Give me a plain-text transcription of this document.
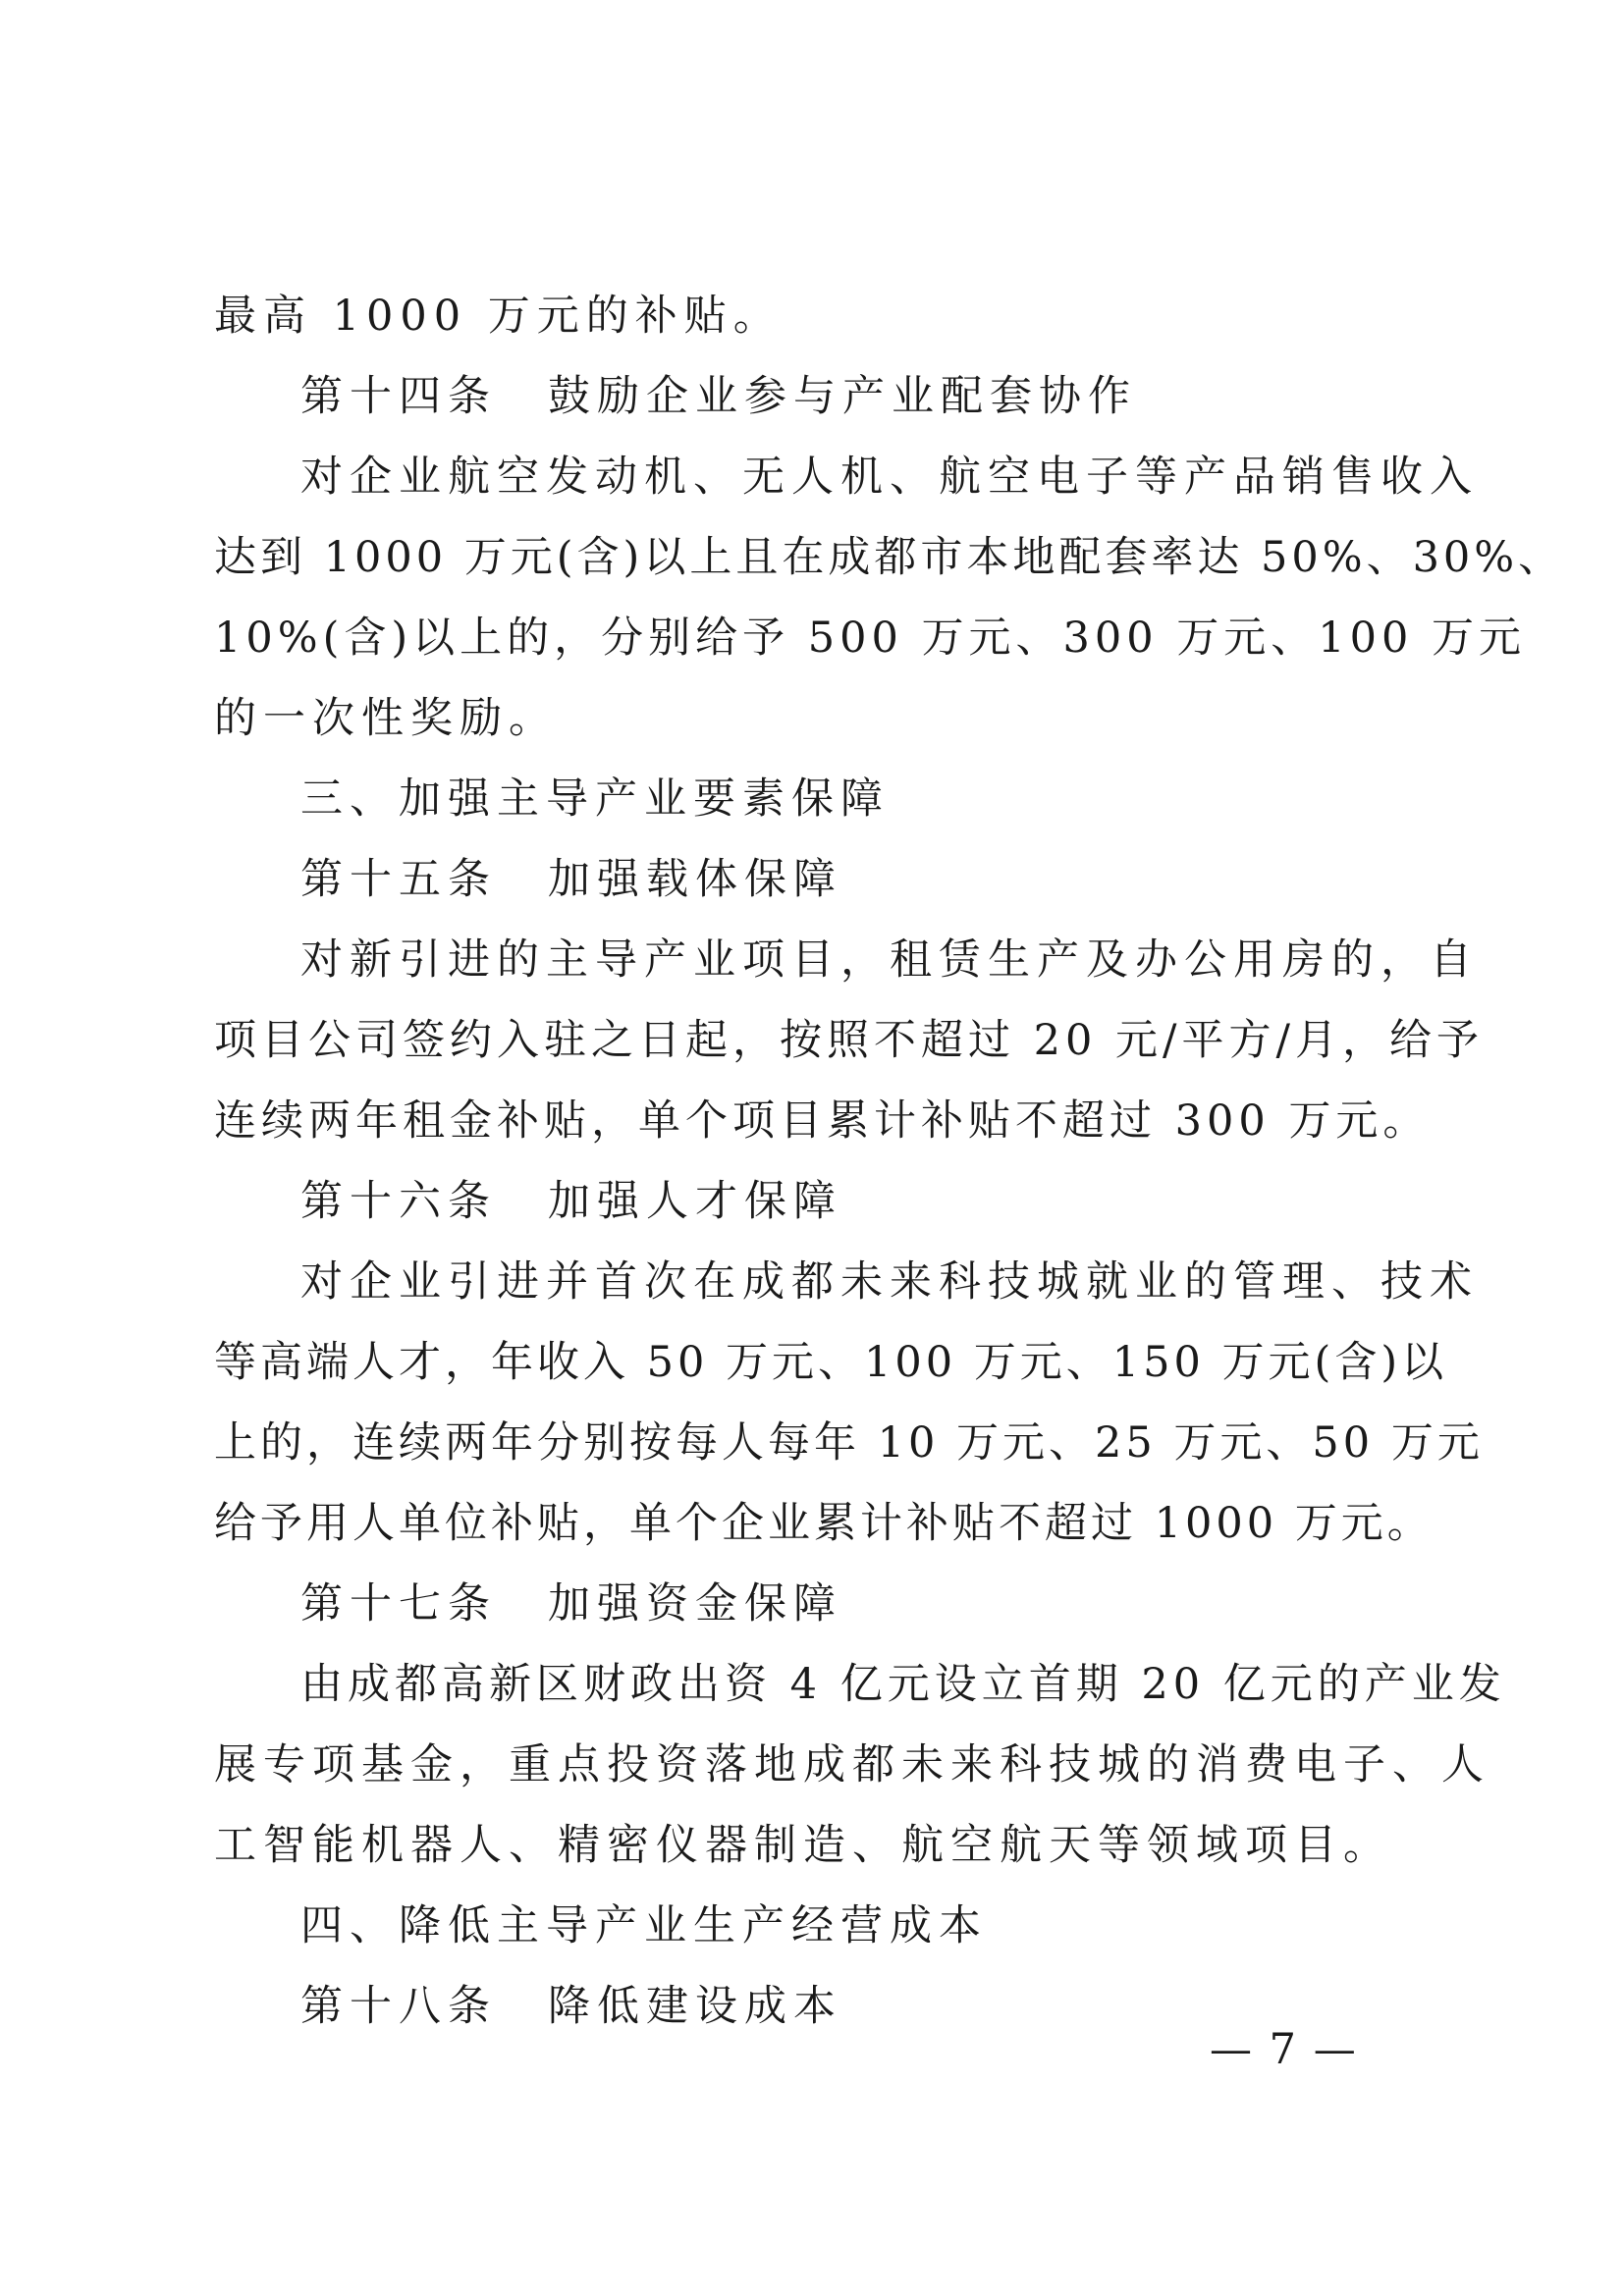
最高 1000 万元的补贴。
第十四条 鼓励企业参与产业配套协作
对企业航空发动机、无人机、航空电子等产品销售收入
达到 1000 万元(含)以上且在成都市本地配套率达 50%、30%、
10%(含)以上的，分别给予 500 万元、300 万元、100 万元
的一次性奖励。
三、加强主导产业要素保障
第十五条 加强载体保障
对新引进的主导产业项目，租赁生产及办公用房的，自
项目公司签约入驻之日起，按照不超过 20 元/平方/月，给予
连续两年租金补贴，单个项目累计补贴不超过 300 万元。
第十六条 加强人才保障
对企业引进并首次在成都未来科技城就业的管理、技术
等高端人才，年收入 50 万元、100 万元、150 万元(含)以
上的，连续两年分别按每人每年 10 万元、25 万元、50 万元
给予用人单位补贴，单个企业累计补贴不超过 1000 万元。
第十七条 加强资金保障
由成都高新区财政出资 4 亿元设立首期 20 亿元的产业发
展专项基金，重点投资落地成都未来科技城的消费电子、人
工智能机器人、精密仪器制造、航空航天等领域项目。
四、降低主导产业生产经营成本
第十八条 降低建设成本
— 7 —
